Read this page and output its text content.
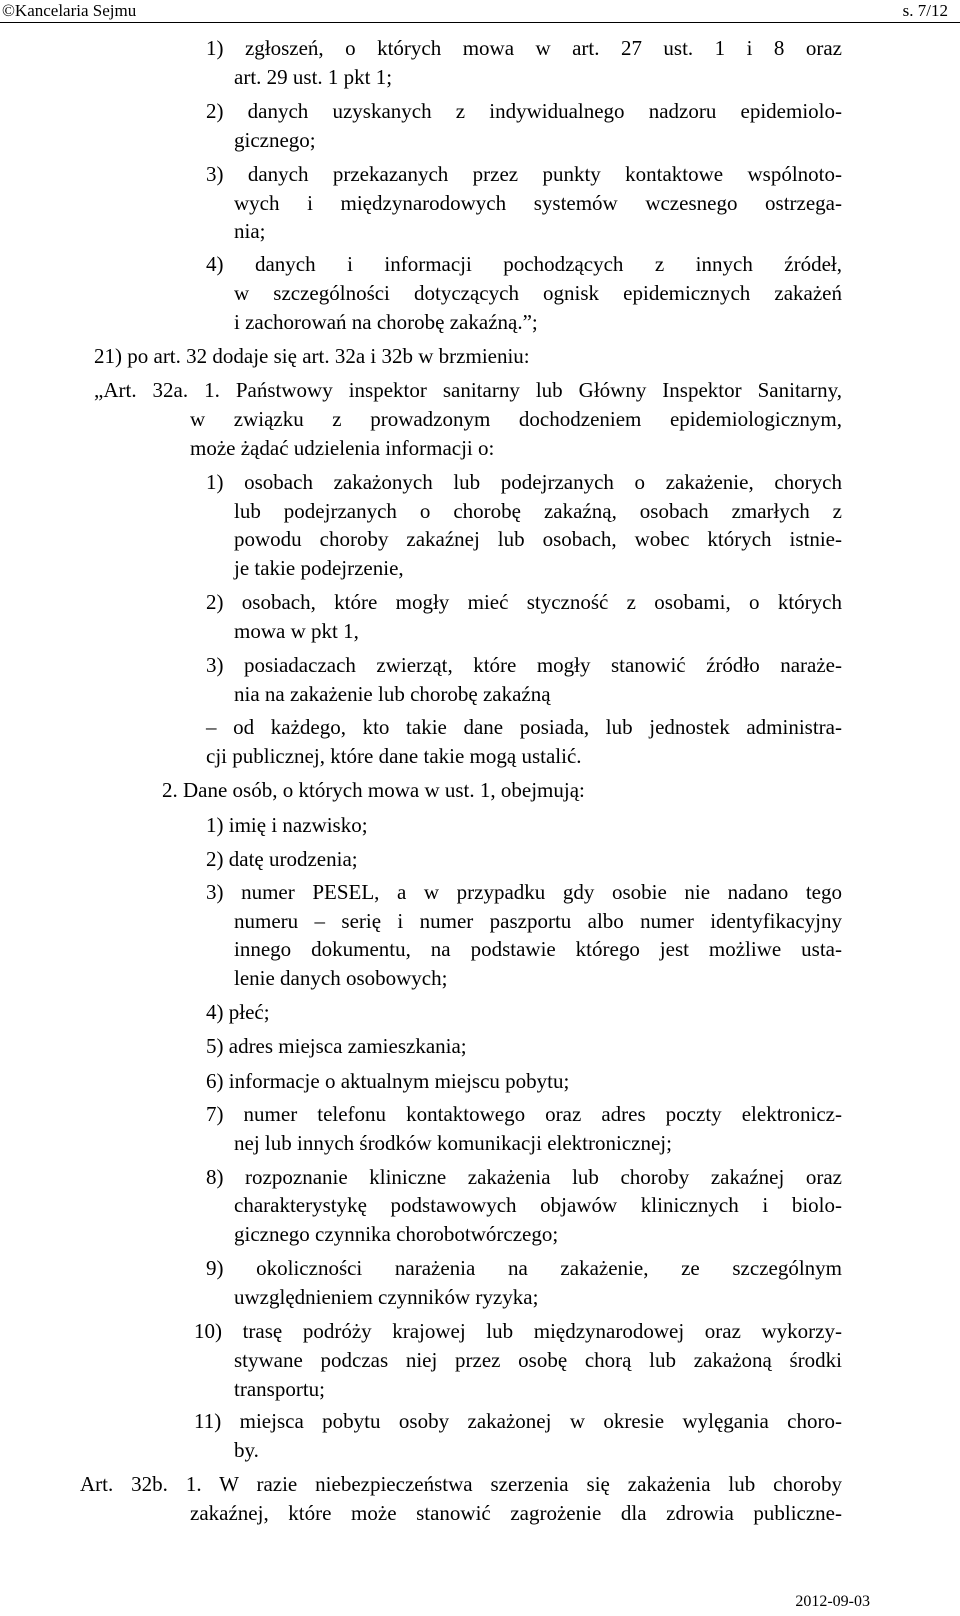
©Kancelaria Sejmu	s. 7/12
1) zgłoszeń, o których mowa w art. 27 ust. 1 i 8 oraz
art. 29 ust. 1 pkt 1;
2) danych uzyskanych z indywidualnego nadzoru epidemiolo-
gicznego;
3) danych przekazanych przez punkty kontaktowe wspólnoto-
wych i międzynarodowych systemów wczesnego ostrzega-
nia;
4) danych i informacji pochodzących z innych źródeł,
w szczególności dotyczących ognisk epidemicznych zakażeń
i zachorowań na chorobę zakaźną.”;
21) po art. 32 dodaje się art. 32a i 32b w brzmieniu:
„Art. 32a. 1. Państwowy inspektor sanitarny lub Główny Inspektor Sanitarny,
w związku z prowadzonym dochodzeniem epidemiologicznym,
może żądać udzielenia informacji o:
1) osobach zakażonych lub podejrzanych o zakażenie, chorych
lub podejrzanych o chorobę zakaźną, osobach zmarłych z
powodu choroby zakaźnej lub osobach, wobec których istnie-
je takie podejrzenie,
2) osobach, które mogły mieć styczność z osobami, o których
mowa w pkt 1,
3) posiadaczach zwierząt, które mogły stanowić źródło naraże-
nia na zakażenie lub chorobę zakaźną
– od każdego, kto takie dane posiada, lub jednostek administra-
cji publicznej, które dane takie mogą ustalić.
2. Dane osób, o których mowa w ust. 1, obejmują:
1) imię i nazwisko;
2) datę urodzenia;
3) numer PESEL, a w przypadku gdy osobie nie nadano tego
numeru – serię i numer paszportu albo numer identyfikacyjny
innego dokumentu, na podstawie którego jest możliwe usta-
lenie danych osobowych;
4) płeć;
5) adres miejsca zamieszkania;
6) informacje o aktualnym miejscu pobytu;
7) numer telefonu kontaktowego oraz adres poczty elektronicz-
nej lub innych środków komunikacji elektronicznej;
8) rozpoznanie kliniczne zakażenia lub choroby zakaźnej oraz
charakterystykę podstawowych objawów klinicznych i biolo-
gicznego czynnika chorobotwórczego;
9) okoliczności narażenia na zakażenie, ze szczególnym
uwzględnieniem czynników ryzyka;
10) trasę podróży krajowej lub międzynarodowej oraz wykorzy-
stywane podczas niej przez osobę chorą lub zakażoną środki
transportu;
11) miejsca pobytu osoby zakażonej w okresie wylęgania choro-
by.
Art. 32b. 1. W razie niebezpieczeństwa szerzenia się zakażenia lub choroby
zakaźnej, które może stanowić zagrożenie dla zdrowia publiczne-
2012-09-03
